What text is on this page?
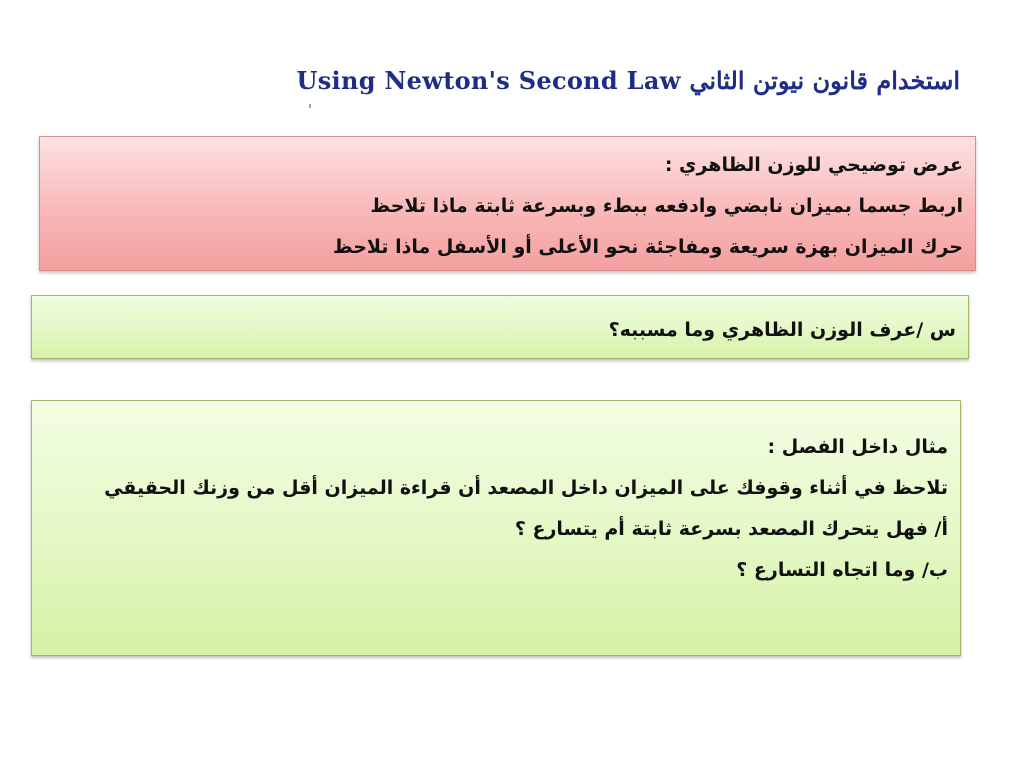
Using Newton's Second Law استخدام قانون نيوتن الثاني
عرض توضيحي للوزن الظاهري :
اربط جسما بميزان نابضي وادفعه ببطء وبسرعة ثابتة ماذا تلاحظ
حرك الميزان بهزة سريعة ومفاجئة نحو الأعلى أو الأسفل ماذا تلاحظ
س /عرف الوزن الظاهري وما مسببه؟
مثال داخل الفصل :
تلاحظ في أثناء وقوفك على الميزان داخل المصعد أن قراءة الميزان أقل من وزنك الحقيقي
أ/ فهل يتحرك المصعد بسرعة ثابتة أم يتسارع ؟
ب/ وما اتجاه التسارع ؟
